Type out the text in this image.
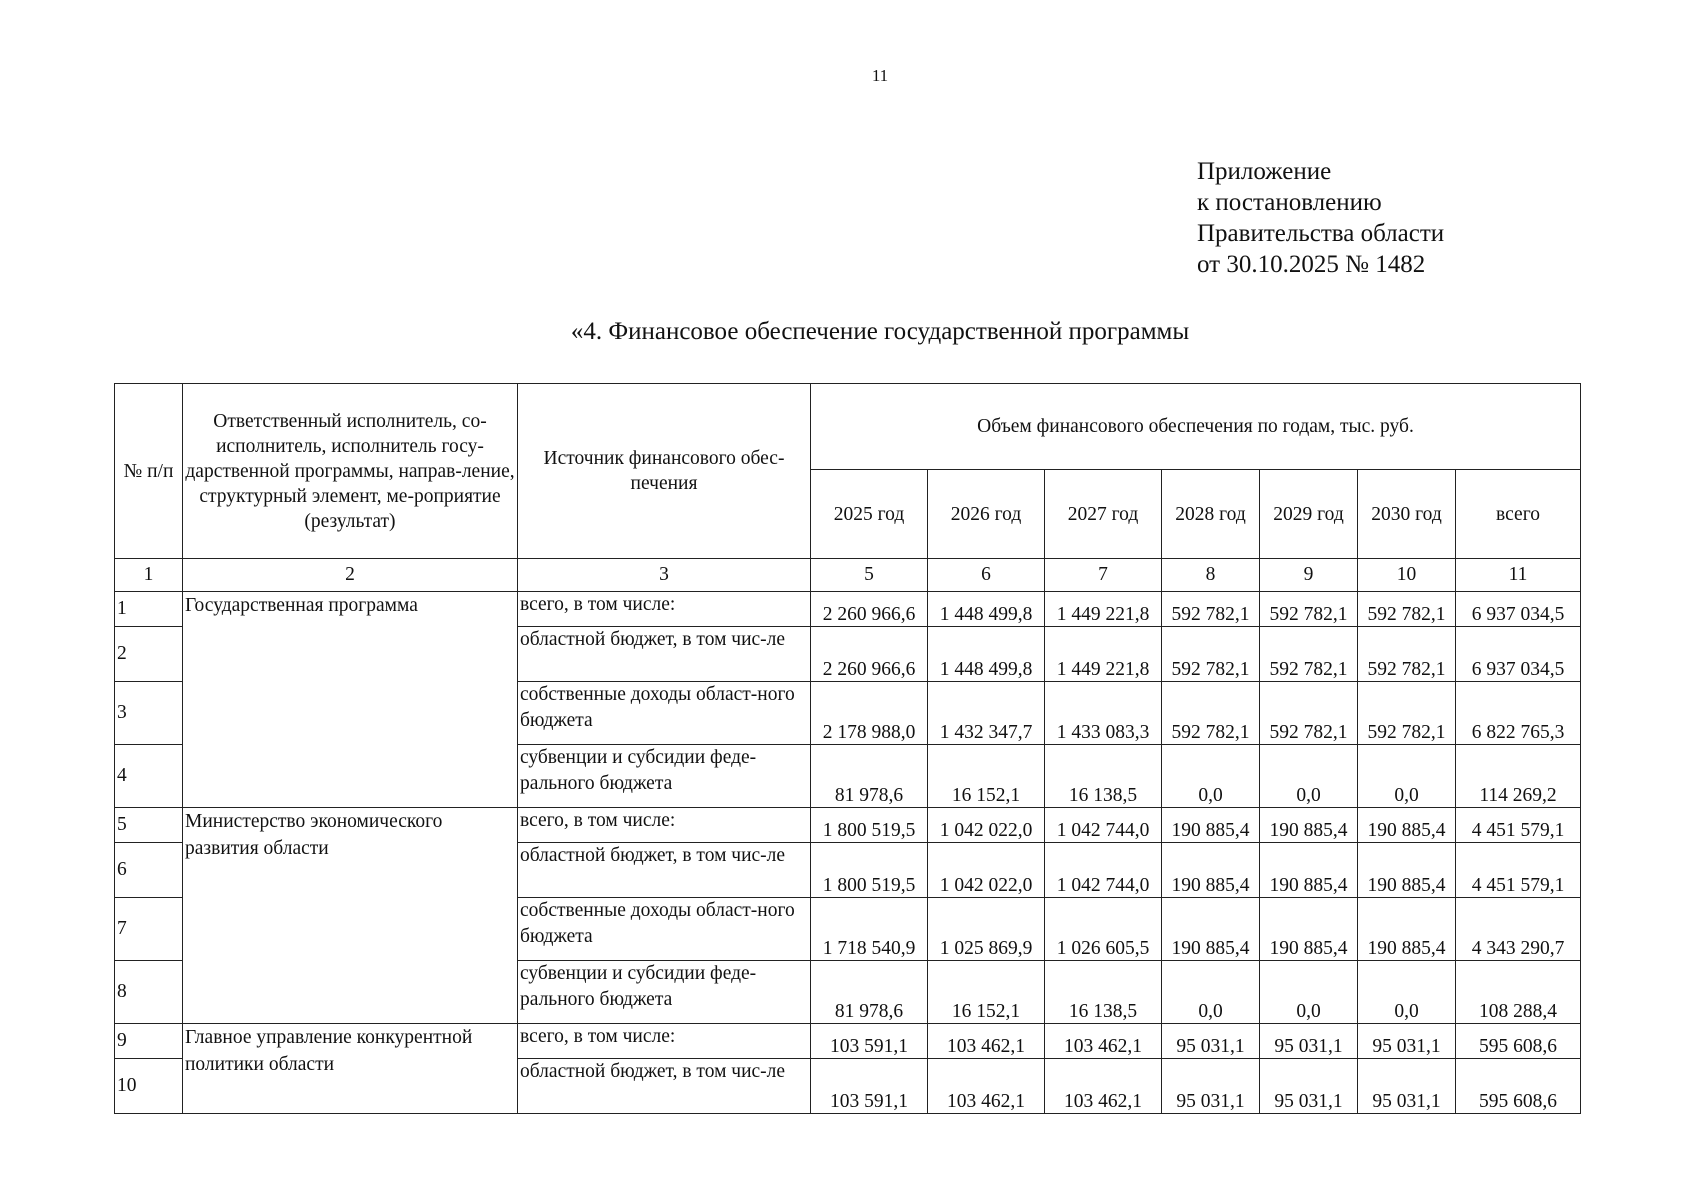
11
Приложение
к постановлению
Правительства области
от 30.10.2025 № 1482
«4. Финансовое обеспечение государственной программы
№ п/п	Ответственный исполнитель, со-исполнитель, исполнитель госу-дарственной программы, направ-ление, структурный элемент, ме-роприятие (результат)	Источник финансового обес-печения	Объем финансового обеспечения по годам, тыс. руб.						
			2025 год	2026 год	2027 год	2028 год	2029 год	2030 год	всего
1	2	3	5	6	7	8	9	10	11
1	Государственная программа	всего, в том числе:	2 260 966,6	1 448 499,8	1 449 221,8	592 782,1	592 782,1	592 782,1	6 937 034,5
2		областной бюджет, в том чис-ле	2 260 966,6	1 448 499,8	1 449 221,8	592 782,1	592 782,1	592 782,1	6 937 034,5
3		собственные доходы област-ного бюджета	2 178 988,0	1 432 347,7	1 433 083,3	592 782,1	592 782,1	592 782,1	6 822 765,3
4		субвенции и субсидии феде-рального бюджета	81 978,6	16 152,1	16 138,5	0,0	0,0	0,0	114 269,2
5	Министерство экономического развития области	всего, в том числе:	1 800 519,5	1 042 022,0	1 042 744,0	190 885,4	190 885,4	190 885,4	4 451 579,1
6		областной бюджет, в том чис-ле	1 800 519,5	1 042 022,0	1 042 744,0	190 885,4	190 885,4	190 885,4	4 451 579,1
7		собственные доходы област-ного бюджета	1 718 540,9	1 025 869,9	1 026 605,5	190 885,4	190 885,4	190 885,4	4 343 290,7
8		субвенции и субсидии феде-рального бюджета	81 978,6	16 152,1	16 138,5	0,0	0,0	0,0	108 288,4
9	Главное управление конкурентной политики области	всего, в том числе:	103 591,1	103 462,1	103 462,1	95 031,1	95 031,1	95 031,1	595 608,6
10		областной бюджет, в том чис-ле	103 591,1	103 462,1	103 462,1	95 031,1	95 031,1	95 031,1	595 608,6
